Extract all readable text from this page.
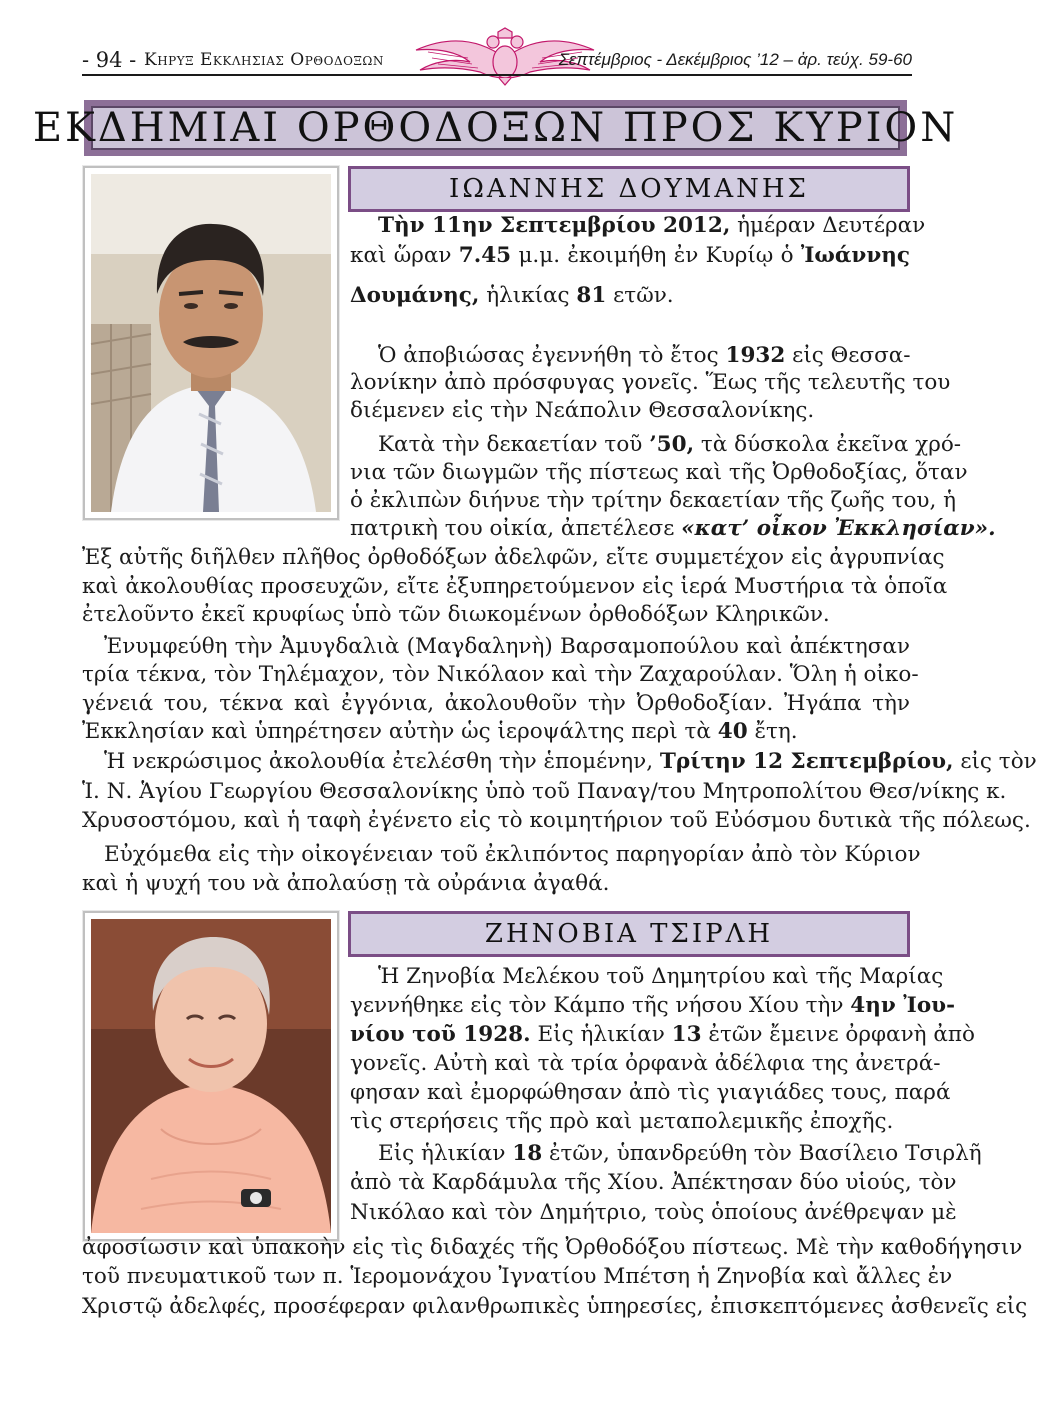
- 94 - Κηρυξ Εκκλησιας Ορθοδοξων	Σεπτέμβριος - Δεκέμβριος ’12 – ἀρ. τεύχ. 59-60
ΕΚΔΗΜΙΑΙ ΟΡΘΟΔΟΞΩΝ ΠΡΟΣ ΚΥΡΙΟΝ
ΙΩΑΝΝΗΣ ΔΟΥΜΑΝΗΣ
Τὴν 11ην Σεπτεμβρίου 2012, ἡμέραν Δευτέραν
καὶ ὥραν 7.45 μ.μ. ἐκοιμήθη ἐν Κυρίῳ ὁ Ἰωάννης
Δουμάνης, ἡλικίας 81 ετῶν.
Ὁ ἀποβιώσας ἐγεννήθη τὸ ἔτος 1932 εἰς Θεσσα-
λονίκην ἀπὸ πρόσφυγας γονεῖς. Ἕως τῆς τελευτῆς του
διέμενεν εἰς τὴν Νεάπολιν Θεσσαλονίκης.
Κατὰ τὴν δεκαετίαν τοῦ ’50, τὰ δύσκολα ἐκεῖνα χρό-
νια τῶν διωγμῶν τῆς πίστεως καὶ τῆς Ὀρθοδοξίας, ὅταν
ὁ ἐκλιπὼν διήνυε τὴν τρίτην δεκαετίαν τῆς ζωῆς του, ἡ
πατρικὴ του οἰκία, ἀπετέλεσε «κατ’ οἶκον Ἐκκλησίαν».
Ἐξ αὐτῆς διῆλθεν πλῆθος ὀρθοδόξων ἀδελφῶν, εἴτε συμμετέχον εἰς ἀγρυπνίας
καὶ ἀκολουθίας προσευχῶν, εἴτε ἐξυπηρετούμενον εἰς ἱερά Μυστήρια τὰ ὁποῖα
ἐτελοῦντο ἐκεῖ κρυφίως ὑπὸ τῶν διωκομένων ὀρθοδόξων Κληρικῶν.
Ἐνυμφεύθη τὴν Ἀμυγδαλιὰ (Μαγδαληνὴ) Βαρσαμοπούλου καὶ ἀπέκτησαν
τρία τέκνα, τὸν Τηλέμαχον, τὸν Νικόλαον καὶ τὴν Ζαχαρούλαν. Ὅλη ἡ οἰκο-
γένειά του, τέκνα καὶ ἐγγόνια, ἀκολουθοῦν τὴν Ὀρθοδοξίαν. Ἠγάπα τὴν
Ἐκκλησίαν καὶ ὑπηρέτησεν αὐτὴν ὡς ἱεροψάλτης περὶ τὰ 40 ἔτη.
Ἡ νεκρώσιμος ἀκολουθία ἐτελέσθη τὴν ἑπομένην, Τρίτην 12 Σεπτεμβρίου, εἰς τὸν
Ἱ. Ν. Ἁγίου Γεωργίου Θεσσαλονίκης ὑπὸ τοῦ Παναγ/του Μητροπολίτου Θεσ/νίκης κ.
Χρυσοστόμου, καὶ ἡ ταφὴ ἐγένετο εἰς τὸ κοιμητήριον τοῦ Εὐόσμου δυτικὰ τῆς πόλεως.
Εὐχόμεθα εἰς τὴν οἰκογένειαν τοῦ ἐκλιπόντος παρηγορίαν ἀπὸ τὸν Κύριον
καὶ ἡ ψυχή του νὰ ἀπολαύσῃ τὰ οὐράνια ἀγαθά.
ΖΗΝΟΒΙΑ ΤΣΙΡΛΗ
Ἡ Ζηνοβία Μελέκου τοῦ Δημητρίου καὶ τῆς Μαρίας
γεννήθηκε εἰς τὸν Κάμπο τῆς νήσου Χίου τὴν 4ην Ἰου-
νίου τοῦ 1928. Εἰς ἡλικίαν 13 ἐτῶν ἔμεινε ὀρφανὴ ἀπὸ
γονεῖς. Αὐτὴ καὶ τὰ τρία ὀρφανὰ ἀδέλφια της ἀνετρά-
φησαν καὶ ἐμορφώθησαν ἀπὸ τὶς γιαγιάδες τους, παρά
τὶς στερήσεις τῆς πρὸ καὶ μεταπολεμικῆς ἐποχῆς.
Εἰς ἡλικίαν 18 ἐτῶν, ὑπανδρεύθη τὸν Βασίλειο Τσιρλῆ
ἀπὸ τὰ Καρδάμυλα τῆς Χίου. Ἀπέκτησαν δύο υἱούς, τὸν
Νικόλαο καὶ τὸν Δημήτριο, τοὺς ὁποίους ἀνέθρεψαν μὲ
ἀφοσίωσιν καὶ ὑπακοὴν εἰς τὶς διδαχές τῆς Ὀρθοδόξου πίστεως. Μὲ τὴν καθοδήγησιν
τοῦ πνευματικοῦ των π. Ἱερομονάχου Ἰγνατίου Μπέτση ἡ Ζηνοβία καὶ ἄλλες ἐν
Χριστῷ ἀδελφές, προσέφεραν φιλανθρωπικὲς ὑπηρεσίες, ἐπισκεπτόμενες ἀσθενεῖς εἰς
